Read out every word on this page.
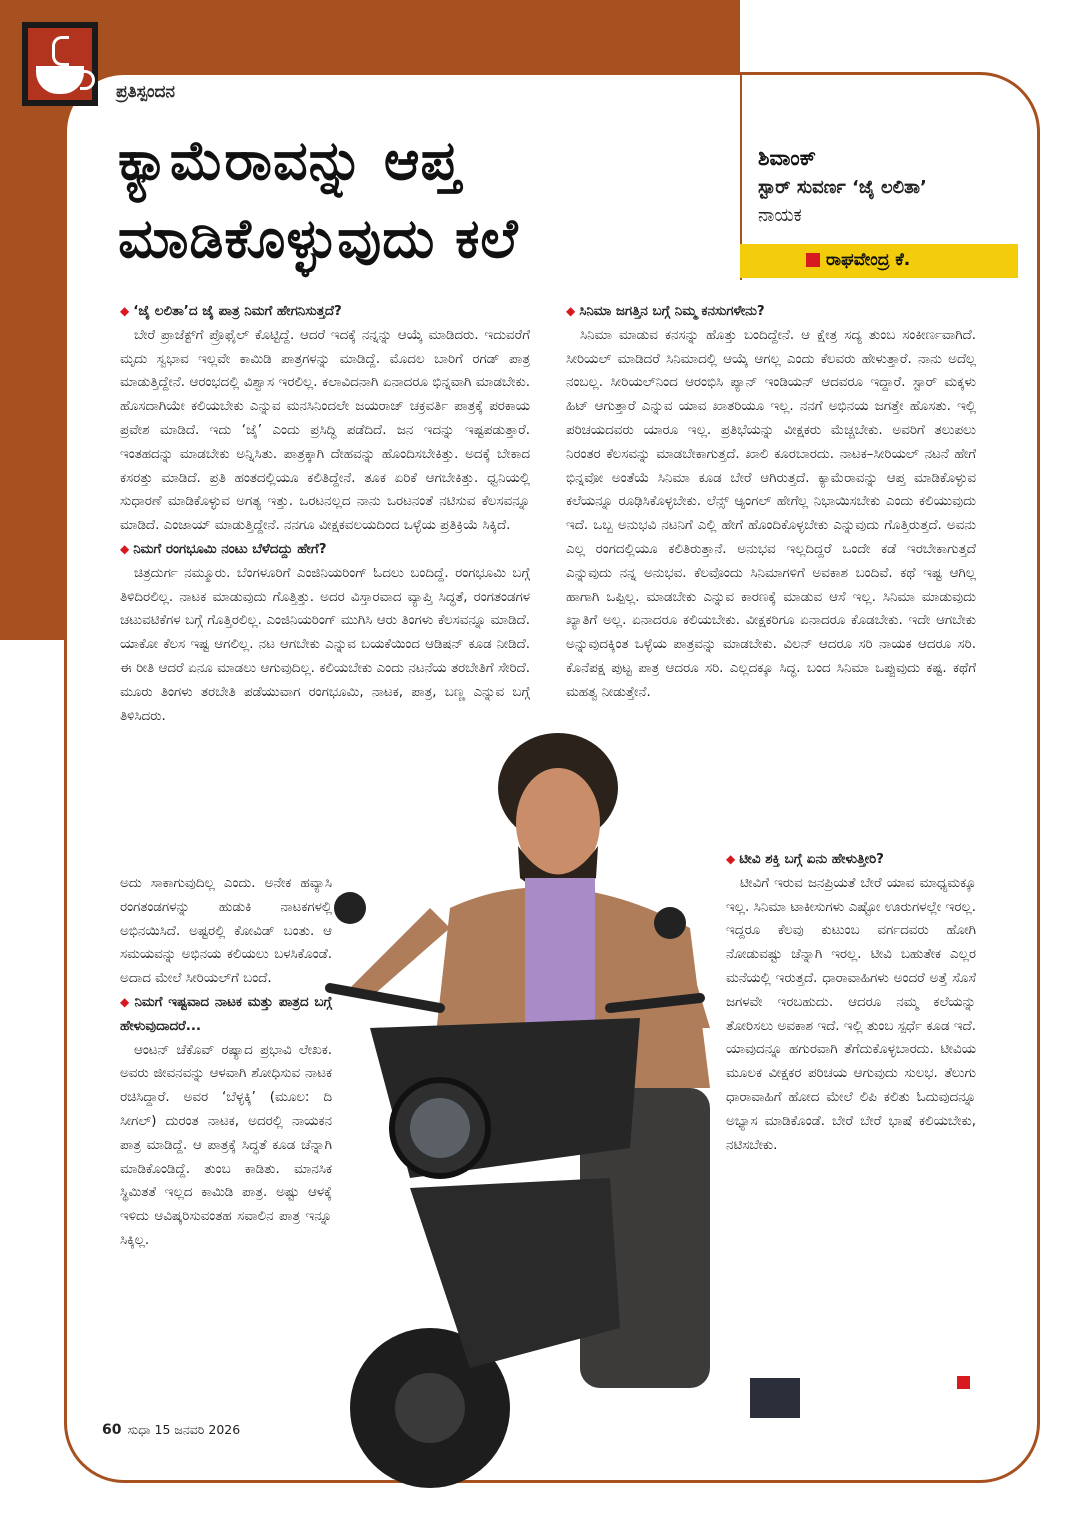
ಪ್ರತಿಸ್ಪಂದನ
ಕ್ಯಾಮೆರಾವನ್ನು ಆಪ್ತ
ಮಾಡಿಕೊಳ್ಳುವುದು ಕಲೆ
ಶಿವಾಂಕ್
ಸ್ಟಾರ್ ಸುವರ್ಣ ‘ಜೈ ಲಲಿತಾ’
ನಾಯಕ
ರಾಘವೇಂದ್ರ ಕೆ.
◆ ‘ಜೈ ಲಲಿತಾ’ದ ಜೈ ಪಾತ್ರ ನಿಮಗೆ ಹೇಗನಿಸುತ್ತದೆ?

ಬೇರೆ ಪ್ರಾಜೆಕ್ಟ್‌ಗೆ ಪ್ರೊಫೈಲ್ ಕೊಟ್ಟಿದ್ದೆ. ಆದರೆ ಇದಕ್ಕೆ ನನ್ನನ್ನು ಆಯ್ಕೆ ಮಾಡಿದರು. ಇದುವರೆಗೆ ಮೃದು ಸ್ವಭಾವ ಇಲ್ಲವೇ ಕಾಮಿಡಿ ಪಾತ್ರಗಳನ್ನು ಮಾಡಿದ್ದೆ. ಮೊದಲ ಬಾರಿಗೆ ರಗಡ್ ಪಾತ್ರ ಮಾಡುತ್ತಿದ್ದೇನೆ. ಆರಂಭದಲ್ಲಿ ವಿಶ್ವಾಸ ಇರಲಿಲ್ಲ. ಕಲಾವಿದನಾಗಿ ಏನಾದರೂ ಭಿನ್ನವಾಗಿ ಮಾಡಬೇಕು. ಹೊಸದಾಗಿಯೇ ಕಲಿಯಬೇಕು ಎನ್ನುವ ಮನಸಿನಿಂದಲೇ ಜಯರಾಜ್ ಚಕ್ರವರ್ತಿ ಪಾತ್ರಕ್ಕೆ ಪರಕಾಯ ಪ್ರವೇಶ ಮಾಡಿದೆ. ಇದು ‘ಜೈ’ ಎಂದು ಪ್ರಸಿದ್ಧಿ ಪಡೆದಿದೆ. ಜನ ಇದನ್ನು ಇಷ್ಟಪಡುತ್ತಾರೆ. ಇಂತಹದನ್ನು ಮಾಡಬೇಕು ಅನ್ನಿಸಿತು. ಪಾತ್ರಕ್ಕಾಗಿ ದೇಹವನ್ನು ಹೊಂದಿಸಬೇಕಿತ್ತು. ಅದಕ್ಕೆ ಬೇಕಾದ ಕಸರತ್ತು ಮಾಡಿದೆ. ಪ್ರತಿ ಹಂತದಲ್ಲಿಯೂ ಕಲಿತಿದ್ದೇನೆ. ತೂಕ ಏರಿಕೆ ಆಗಬೇಕಿತ್ತು. ಧ್ವನಿಯಲ್ಲಿ ಸುಧಾರಣೆ ಮಾಡಿಕೊಳ್ಳುವ ಅಗತ್ಯ ಇತ್ತು. ಒರಟನಲ್ಲದ ನಾನು ಒರಟನಂತೆ ನಟಿಸುವ ಕೆಲಸವನ್ನೂ ಮಾಡಿದೆ. ಎಂಜಾಯ್ ಮಾಡುತ್ತಿದ್ದೇನೆ. ನನಗೂ ವೀಕ್ಷಕವಲಯದಿಂದ ಒಳ್ಳೆಯ ಪ್ರತಿಕ್ರಿಯೆ ಸಿಕ್ಕಿದೆ.

◆ ನಿಮಗೆ ರಂಗಭೂಮಿ ನಂಟು ಬೆಳೆದದ್ದು ಹೇಗೆ?

ಚಿತ್ರದುರ್ಗ ನಮ್ಮೂರು. ಬೆಂಗಳೂರಿಗೆ ಎಂಜಿನಿಯರಿಂಗ್ ಓದಲು ಬಂದಿದ್ದೆ. ರಂಗಭೂಮಿ ಬಗ್ಗೆ ತಿಳಿದಿರಲಿಲ್ಲ. ನಾಟಕ ಮಾಡುವುದು ಗೊತ್ತಿತ್ತು. ಅದರ ವಿಸ್ತಾರವಾದ ವ್ಯಾಪ್ತಿ ಸಿದ್ಧತೆ, ರಂಗತಂಡಗಳ ಚಟುವಟಿಕೆಗಳ ಬಗ್ಗೆ ಗೊತ್ತಿರಲಿಲ್ಲ. ಎಂಜಿನಿಯರಿಂಗ್ ಮುಗಿಸಿ ಆರು ತಿಂಗಳು ಕೆಲಸವನ್ನೂ ಮಾಡಿದೆ. ಯಾಕೋ ಕೆಲಸ ಇಷ್ಟ ಆಗಲಿಲ್ಲ. ನಟ ಆಗಬೇಕು ಎನ್ನುವ ಬಯಕೆಯಿಂದ ಆಡಿಷನ್ ಕೂಡ ನೀಡಿದೆ. ಈ ರೀತಿ ಆದರೆ ಏನೂ ಮಾಡಲು ಆಗುವುದಿಲ್ಲ. ಕಲಿಯಬೇಕು ಎಂದು ನಟನೆಯ ತರಬೇತಿಗೆ ಸೇರಿದೆ. ಮೂರು ತಿಂಗಳು ತರಬೇತಿ ಪಡೆಯುವಾಗ ರಂಗಭೂಮಿ, ನಾಟಕ, ಪಾತ್ರ, ಬಣ್ಣ ಎನ್ನುವ ಬಗ್ಗೆ ತಿಳಿಸಿದರು.

ಅದು ಸಾಕಾಗುವುದಿಲ್ಲ ಎಂದು. ಅನೇಕ ಹವ್ಯಾಸಿ ರಂಗತಂಡಗಳನ್ನು ಹುಡುಕಿ ನಾಟಕಗಳಲ್ಲಿ ಅಭಿನಯಿಸಿದೆ. ಅಷ್ಟರಲ್ಲಿ ಕೋವಿಡ್ ಬಂತು. ಆ ಸಮಯವನ್ನು ಅಭಿನಯ ಕಲಿಯಲು ಬಳಸಿಕೊಂಡೆ. ಅದಾದ ಮೇಲೆ ಸೀರಿಯಲ್‌ಗೆ ಬಂದೆ.

◆ ನಿಮಗೆ ಇಷ್ಟವಾದ ನಾಟಕ ಮತ್ತು ಪಾತ್ರದ ಬಗ್ಗೆ ಹೇಳುವುದಾದರೆ...

ಆಂಟನ್ ಚೆಕೊವ್ ರಷ್ಯಾದ ಪ್ರಭಾವಿ ಲೇಖಕ. ಅವರು ಜೀವನವನ್ನು ಆಳವಾಗಿ ಶೋಧಿಸುವ ನಾಟಕ ರಚಿಸಿದ್ದಾರೆ. ಅವರ ‘ಬೆಳ್ಳಕ್ಕಿ’ (ಮೂಲ: ದಿ ಸೀಗಲ್) ದುರಂತ ನಾಟಕ, ಅದರಲ್ಲಿ ನಾಯಕನ ಪಾತ್ರ ಮಾಡಿದ್ದೆ. ಆ ಪಾತ್ರಕ್ಕೆ ಸಿದ್ಧತೆ ಕೂಡ ಚೆನ್ನಾಗಿ ಮಾಡಿಕೊಂಡಿದ್ದೆ. ತುಂಬ ಕಾಡಿತು. ಮಾನಸಿಕ ಸ್ಥಿಮಿತತೆ ಇಲ್ಲದ ಕಾಮಿಡಿ ಪಾತ್ರ. ಅಷ್ಟು ಆಳಕ್ಕೆ ಇಳಿದು ಆವಿಷ್ಕರಿಸುವಂತಹ ಸವಾಲಿನ ಪಾತ್ರ ಇನ್ನೂ ಸಿಕ್ಕಿಲ್ಲ.

◆ ಸಿನಿಮಾ ಜಗತ್ತಿನ ಬಗ್ಗೆ ನಿಮ್ಮ ಕನಸುಗಳೇನು?

ಸಿನಿಮಾ ಮಾಡುವ ಕನಸನ್ನು ಹೊತ್ತು ಬಂದಿದ್ದೇನೆ. ಆ ಕ್ಷೇತ್ರ ಸದ್ಯ ತುಂಬ ಸಂಕೀರ್ಣವಾಗಿದೆ. ಸೀರಿಯಲ್ ಮಾಡಿದರೆ ಸಿನಿಮಾದಲ್ಲಿ ಆಯ್ಕೆ ಆಗಲ್ಲ ಎಂದು ಕೆಲವರು ಹೇಳುತ್ತಾರೆ. ನಾನು ಅದೆಲ್ಲ ನಂಬಲ್ಲ. ಸೀರಿಯಲ್‌ನಿಂದ ಆರಂಭಿಸಿ ಪ್ಯಾನ್ ಇಂಡಿಯನ್ ಆದವರೂ ಇದ್ದಾರೆ. ಸ್ಟಾರ್ ಮಕ್ಕಳು ಹಿಟ್ ಆಗುತ್ತಾರೆ ಎನ್ನುವ ಯಾವ ಖಾತರಿಯೂ ಇಲ್ಲ. ನನಗೆ ಅಭಿನಯ ಜಗತ್ತೇ ಹೊಸತು. ಇಲ್ಲಿ ಪರಿಚಯದವರು ಯಾರೂ ಇಲ್ಲ. ಪ್ರತಿಭೆಯನ್ನು ವೀಕ್ಷಕರು ಮೆಚ್ಚಬೇಕು. ಅವರಿಗೆ ತಲುಪಲು ನಿರಂತರ ಕೆಲಸವನ್ನು ಮಾಡಬೇಕಾಗುತ್ತದೆ. ಖಾಲಿ ಕೂರಬಾರದು. ನಾಟಕ–ಸೀರಿಯಲ್ ನಟನೆ ಹೇಗೆ ಭಿನ್ನವೋ ಅಂತೆಯೆ ಸಿನಿಮಾ ಕೂಡ ಬೇರೆ ಆಗಿರುತ್ತದೆ. ಕ್ಯಾಮೆರಾವನ್ನು ಆಪ್ತ ಮಾಡಿಕೊಳ್ಳುವ ಕಲೆಯನ್ನೂ ರೂಢಿಸಿಕೊಳ್ಳಬೇಕು. ಲೆನ್ಸ್ ಆ್ಯಂಗಲ್ ಹೇಗೆಲ್ಲ ನಿಭಾಯಿಸಬೇಕು ಎಂದು ಕಲಿಯುವುದು ಇದೆ. ಒಬ್ಬ ಅನುಭವಿ ನಟನಿಗೆ ಎಲ್ಲಿ ಹೇಗೆ ಹೊಂದಿಕೊಳ್ಳಬೇಕು ಎನ್ನುವುದು ಗೊತ್ತಿರುತ್ತದೆ. ಅವನು ಎಲ್ಲ ರಂಗದಲ್ಲಿಯೂ ಕಲಿತಿರುತ್ತಾನೆ. ಅನುಭವ ಇಲ್ಲದಿದ್ದರೆ ಒಂದೇ ಕಡೆ ಇರಬೇಕಾಗುತ್ತದೆ ಎನ್ನುವುದು ನನ್ನ ಅನುಭವ. ಕೆಲವೊಂದು ಸಿನಿಮಾಗಳಿಗೆ ಅವಕಾಶ ಬಂದಿವೆ. ಕಥೆ ಇಷ್ಟ ಆಗಿಲ್ಲ ಹಾಗಾಗಿ ಒಪ್ಪಿಲ್ಲ. ಮಾಡಬೇಕು ಎನ್ನುವ ಕಾರಣಕ್ಕೆ ಮಾಡುವ ಆಸೆ ಇಲ್ಲ. ಸಿನಿಮಾ ಮಾಡುವುದು ಖ್ಯಾತಿಗೆ ಅಲ್ಲ. ಏನಾದರೂ ಕಲಿಯಬೇಕು. ವೀಕ್ಷಕರಿಗೂ ಏನಾದರೂ ಕೊಡಬೇಕು. ಇದೇ ಆಗಬೇಕು ಅನ್ನುವುದಕ್ಕಿಂತ ಒಳ್ಳೆಯ ಪಾತ್ರವನ್ನು ಮಾಡಬೇಕು. ವಿಲನ್ ಆದರೂ ಸರಿ ನಾಯಕ ಆದರೂ ಸರಿ. ಕೊನೆಪಕ್ಷ ಪುಟ್ಟ ಪಾತ್ರ ಆದರೂ ಸರಿ. ಎಲ್ಲದಕ್ಕೂ ಸಿದ್ಧ. ಬಂದ ಸಿನಿಮಾ ಒಪ್ಪುವುದು ಕಷ್ಟ. ಕಥೆಗೆ ಮಹತ್ವ ನೀಡುತ್ತೇನೆ.

◆ ಟೀವಿ ಶಕ್ತಿ ಬಗ್ಗೆ ಏನು ಹೇಳುತ್ತೀರಿ?

ಟೀವಿಗೆ ಇರುವ ಜನಪ್ರಿಯತೆ ಬೇರೆ ಯಾವ ಮಾಧ್ಯಮಕ್ಕೂ ಇಲ್ಲ. ಸಿನಿಮಾ ಟಾಕೀಸುಗಳು ಎಷ್ಟೋ ಊರುಗಳಲ್ಲೇ ಇರಲ್ಲ. ಇದ್ದರೂ ಕೆಲವು ಕುಟುಂಬ ವರ್ಗದವರು ಹೋಗಿ ನೋಡುವಷ್ಟು ಚೆನ್ನಾಗಿ ಇರಲ್ಲ. ಟೀವಿ ಬಹುತೇಕ ಎಲ್ಲರ ಮನೆಯಲ್ಲಿ ಇರುತ್ತದೆ. ಧಾರಾವಾಹಿಗಳು ಅಂದರೆ ಅತ್ತೆ ಸೊಸೆ ಜಗಳವೇ ಇರಬಹುದು. ಆದರೂ ನಮ್ಮ ಕಲೆಯನ್ನು ತೋರಿಸಲು ಅವಕಾಶ ಇದೆ. ಇಲ್ಲಿ ತುಂಬ ಸ್ಪರ್ಧೆ ಕೂಡ ಇದೆ. ಯಾವುದನ್ನೂ ಹಗುರವಾಗಿ ತೆಗೆದುಕೊಳ್ಳಬಾರದು. ಟೀವಿಯ ಮೂಲಕ ವೀಕ್ಷಕರ ಪರಿಚಯ ಆಗುವುದು ಸುಲಭ. ತೆಲುಗು ಧಾರಾವಾಹಿಗೆ ಹೋದ ಮೇಲೆ ಲಿಪಿ ಕಲಿತು ಓದುವುದನ್ನೂ ಅಭ್ಯಾಸ ಮಾಡಿಕೊಂಡೆ. ಬೇರೆ ಬೇರೆ ಭಾಷೆ ಕಲಿಯಬೇಕು, ನಟಿಸಬೇಕು.

60 ಸುಧಾ 15 ಜನವರಿ 2026
